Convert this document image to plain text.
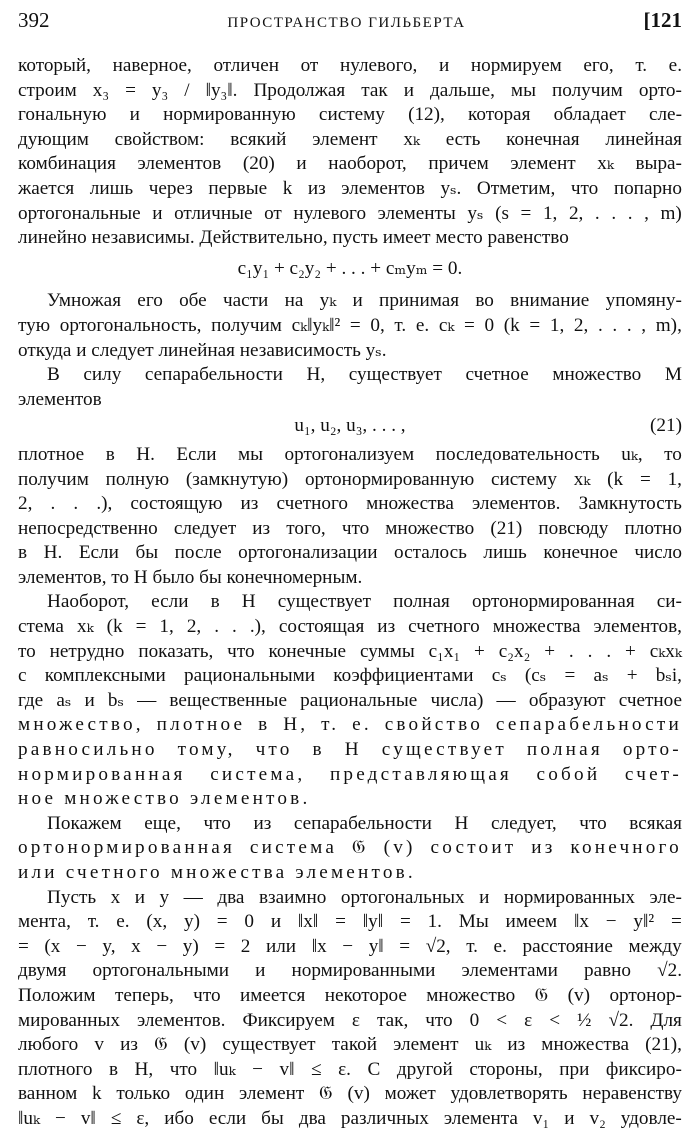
392	ПРОСТРАНСТВО ГИЛЬБЕРТА	[121
который, наверное, отличен от нулевого, и нормируем его, т. е.
строим x₃ = y₃ / ‖y₃‖. Продолжая так и дальше, мы получим орто-
гональную и нормированную систему (12), которая обладает сле-
дующим свойством: всякий элемент xₖ есть конечная линейная
комбинация элементов (20) и наоборот, причем элемент xₖ выра-
жается лишь через первые k из элементов yₛ. Отметим, что попарно
ортогональные и отличные от нулевого элементы yₛ (s = 1, 2, . . . , m)
линейно независимы. Действительно, пусть имеет место равенство
c₁y₁ + c₂y₂ + . . . + cₘyₘ = 0.
Умножая его обе части на yₖ и принимая во внимание упомяну-
тую ортогональность, получим cₖ‖yₖ‖² = 0, т. е. cₖ = 0 (k = 1, 2, . . . , m),
откуда и следует линейная независимость yₛ.
В силу сепарабельности H, существует счетное множество M
элементов
u₁, u₂, u₃, . . . ,	(21)
плотное в H. Если мы ортогонализуем последовательность uₖ, то
получим полную (замкнутую) ортонормированную систему xₖ (k = 1,
2, . . .), состоящую из счетного множества элементов. Замкнутость
непосредственно следует из того, что множество (21) повсюду плотно
в H. Если бы после ортогонализации осталось лишь конечное число
элементов, то H было бы конечномерным.
Наоборот, если в H существует полная ортонормированная си-
стема xₖ (k = 1, 2, . . .), состоящая из счетного множества элементов,
то нетрудно показать, что конечные суммы c₁x₁ + c₂x₂ + . . . + cₖxₖ
с комплексными рациональными коэффициентами cₛ (cₛ = aₛ + bₛi,
где aₛ и bₛ — вещественные рациональные числа) — образуют счетное
множество, плотное в H, т. е. свойство сепарабельности
равносильно тому, что в H существует полная орто-
нормированная система, представляющая собой счет-
ное множество элементов.
Покажем еще, что из сепарабельности H следует, что всякая
ортонормированная система 𝔊 (v) состоит из конечного
или счетного множества элементов.
Пусть x и y — два взаимно ортогональных и нормированных эле-
мента, т. е. (x, y) = 0 и ‖x‖ = ‖y‖ = 1. Мы имеем ‖x − y‖² =
= (x − y, x − y) = 2 или ‖x − y‖ = √2, т. е. расстояние между
двумя ортогональными и нормированными элементами равно √2.
Положим теперь, что имеется некоторое множество 𝔊 (v) ортонор-
мированных элементов. Фиксируем ε так, что 0 < ε < ½ √2. Для
любого v из 𝔊 (v) существует такой элемент uₖ из множества (21),
плотного в H, что ‖uₖ − v‖ ≤ ε. С другой стороны, при фиксиро-
ванном k только один элемент 𝔊 (v) может удовлетворять неравенству
‖uₖ − v‖ ≤ ε, ибо если бы два различных элемента v₁ и v₂ удовле-
